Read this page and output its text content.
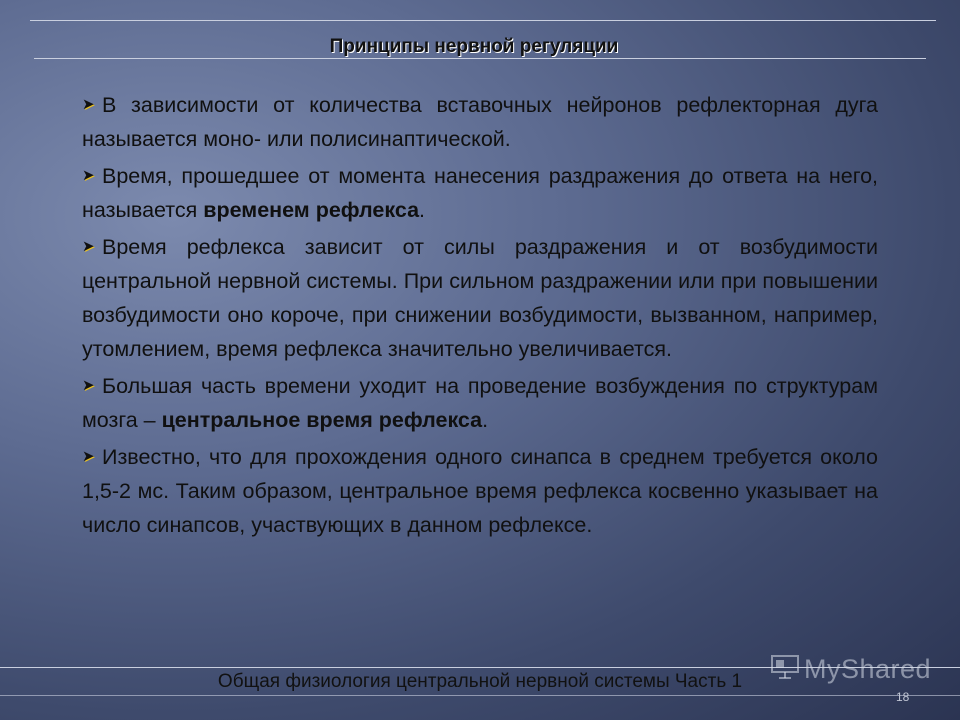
Принципы нервной регуляции
➤ В зависимости от количества вставочных нейронов рефлекторная дуга называется моно- или полисинаптической.
➤ Время, прошедшее от момента нанесения раздражения до ответа на него, называется временем рефлекса.
➤ Время рефлекса зависит от силы раздражения и от возбудимости центральной нервной системы. При сильном раздражении или при повышении возбудимости оно короче, при снижении возбудимости, вызванном, например, утомлением, время рефлекса значительно увеличивается.
➤ Большая часть времени уходит на проведение возбуждения по структурам мозга – центральное время рефлекса.
➤ Известно, что для прохождения одного синапса в среднем требуется около 1,5-2 мс. Таким образом, центральное время рефлекса косвенно указывает на число синапсов, участвующих в данном рефлексе.
Общая физиология центральной нервной системы Часть 1	MyShared
18
